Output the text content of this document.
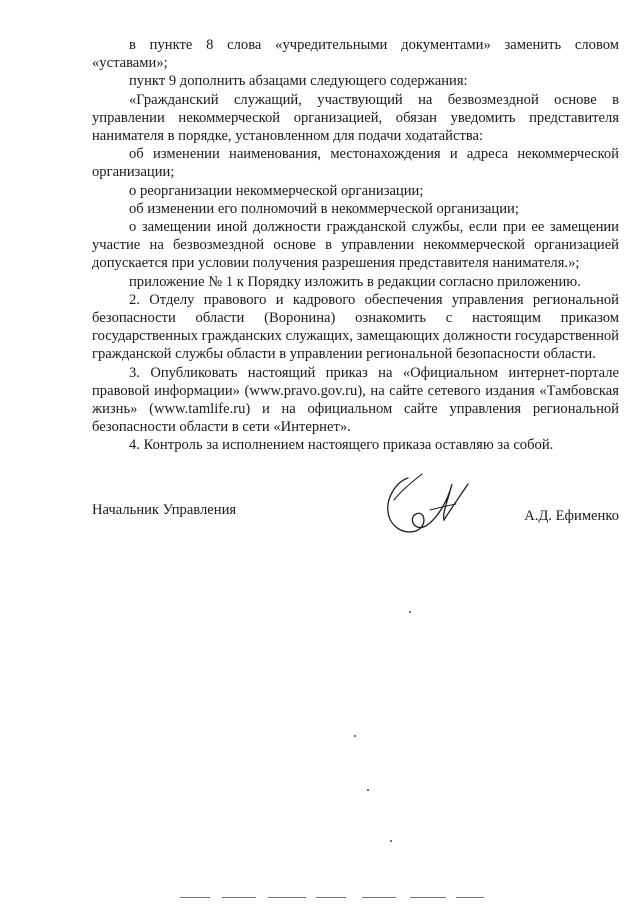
в пункте 8 слова «учредительными документами» заменить словом «уставами»;

пункт 9 дополнить абзацами следующего содержания:

«Гражданский служащий, участвующий на безвозмездной основе в управлении некоммерческой организацией, обязан уведомить представителя нанимателя в порядке, установленном для подачи ходатайства:

об изменении наименования, местонахождения и адреса некоммерческой организации;

о реорганизации некоммерческой организации;

об изменении его полномочий в некоммерческой организации;

о замещении иной должности гражданской службы, если при ее замещении участие на безвозмездной основе в управлении некоммерческой организацией допускается при условии получения разрешения представителя нанимателя.»;

приложение № 1 к Порядку изложить в редакции согласно приложению.

2. Отделу правового и кадрового обеспечения управления региональной безопасности области (Воронина) ознакомить с настоящим приказом государственных гражданских служащих, замещающих должности государственной гражданской службы области в управлении региональной безопасности области.

3. Опубликовать настоящий приказ на «Официальном интернет-портале правовой информации» (www.pravo.gov.ru), на сайте сетевого издания «Тамбовская жизнь» (www.tamlife.ru) и на официальном сайте управления региональной безопасности области в сети «Интернет».

4. Контроль за исполнением настоящего приказа оставляю за собой.

Начальник Управления	А.Д. Ефименко
